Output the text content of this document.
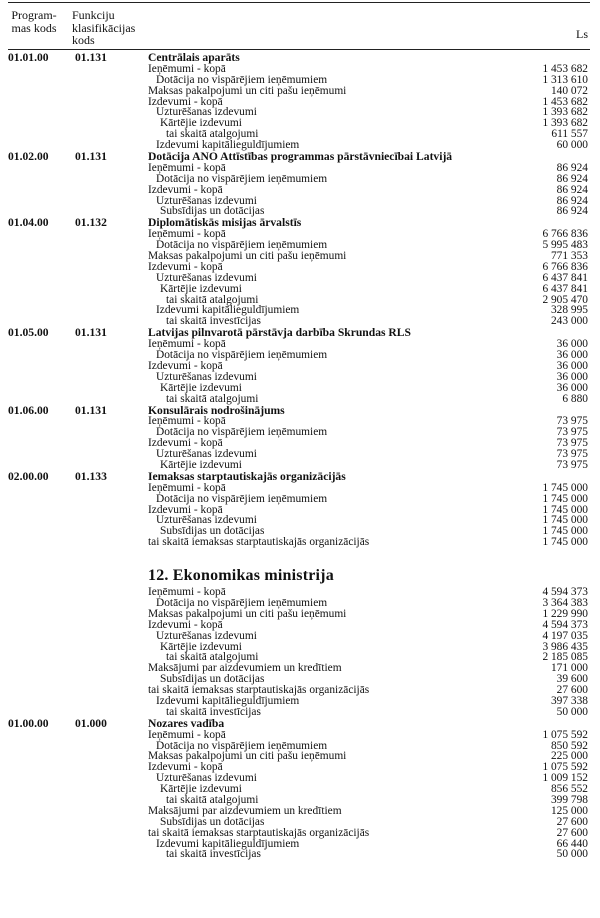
Program-
mas kods
Funkciju
klasifikācijas
kods	Ls
01.01.00 01.131	Centrālais aparāts
Ieņēmumi - kopā	1 453 682
Dotācija no vispārējiem ieņēmumiem	1 313 610
Maksas pakalpojumi un citi pašu ieņēmumi	140 072
Izdevumi - kopā	1 453 682
Uzturēšanas izdevumi	1 393 682
Kārtējie izdevumi	1 393 682
tai skaitā atalgojumi	611 557
Izdevumi kapitālieguldījumiem	60 000
01.02.00 01.131	Dotācija ANO Attīstības programmas pārstāvniecībai Latvijā
Ieņēmumi - kopā	86 924
Dotācija no vispārējiem ieņēmumiem	86 924
Izdevumi - kopā	86 924
Uzturēšanas izdevumi	86 924
Subsīdijas un dotācijas	86 924
01.04.00 01.132	Diplomātiskās misijas ārvalstīs
Ieņēmumi - kopā	6 766 836
Dotācija no vispārējiem ieņēmumiem	5 995 483
Maksas pakalpojumi un citi pašu ieņēmumi	771 353
Izdevumi - kopā	6 766 836
Uzturēšanas izdevumi	6 437 841
Kārtējie izdevumi	6 437 841
tai skaitā atalgojumi	2 905 470
Izdevumi kapitālieguldījumiem	328 995
tai skaitā investīcijas	243 000
01.05.00 01.131	Latvijas pilnvarotā pārstāvja darbība Skrundas RLS
Ieņēmumi - kopā	36 000
Dotācija no vispārējiem ieņēmumiem	36 000
Izdevumi - kopā	36 000
Uzturēšanas izdevumi	36 000
Kārtējie izdevumi	36 000
tai skaitā atalgojumi	6 880
01.06.00 01.131	Konsulārais nodrošinājums
Ieņēmumi - kopā	73 975
Dotācija no vispārējiem ieņēmumiem	73 975
Izdevumi - kopā	73 975
Uzturēšanas izdevumi	73 975
Kārtējie izdevumi	73 975
02.00.00 01.133	Iemaksas starptautiskajās organizācijās
Ieņēmumi - kopā	1 745 000
Dotācija no vispārējiem ieņēmumiem	1 745 000
Izdevumi - kopā	1 745 000
Uzturēšanas izdevumi	1 745 000
Subsīdijas un dotācijas	1 745 000
tai skaitā iemaksas starptautiskajās organizācijās	1 745 000
12. Ekonomikas ministrija
Ieņēmumi - kopā	4 594 373
Dotācija no vispārējiem ieņēmumiem	3 364 383
Maksas pakalpojumi un citi pašu ieņēmumi	1 229 990
Izdevumi - kopā	4 594 373
Uzturēšanas izdevumi	4 197 035
Kārtējie izdevumi	3 986 435
tai skaitā atalgojumi	2 185 085
Maksājumi par aizdevumiem un kredītiem	171 000
Subsīdijas un dotācijas	39 600
tai skaitā iemaksas starptautiskajās organizācijās	27 600
Izdevumi kapitālieguldījumiem	397 338
tai skaitā investīcijas	50 000
01.00.00 01.000	Nozares vadība
Ieņēmumi - kopā	1 075 592
Dotācija no vispārējiem ieņēmumiem	850 592
Maksas pakalpojumi un citi pašu ieņēmumi	225 000
Izdevumi - kopā	1 075 592
Uzturēšanas izdevumi	1 009 152
Kārtējie izdevumi	856 552
tai skaitā atalgojumi	399 798
Maksājumi par aizdevumiem un kredītiem	125 000
Subsīdijas un dotācijas	27 600
tai skaitā iemaksas starptautiskajās organizācijās	27 600
Izdevumi kapitālieguldījumiem	66 440
tai skaitā investīcijas	50 000
